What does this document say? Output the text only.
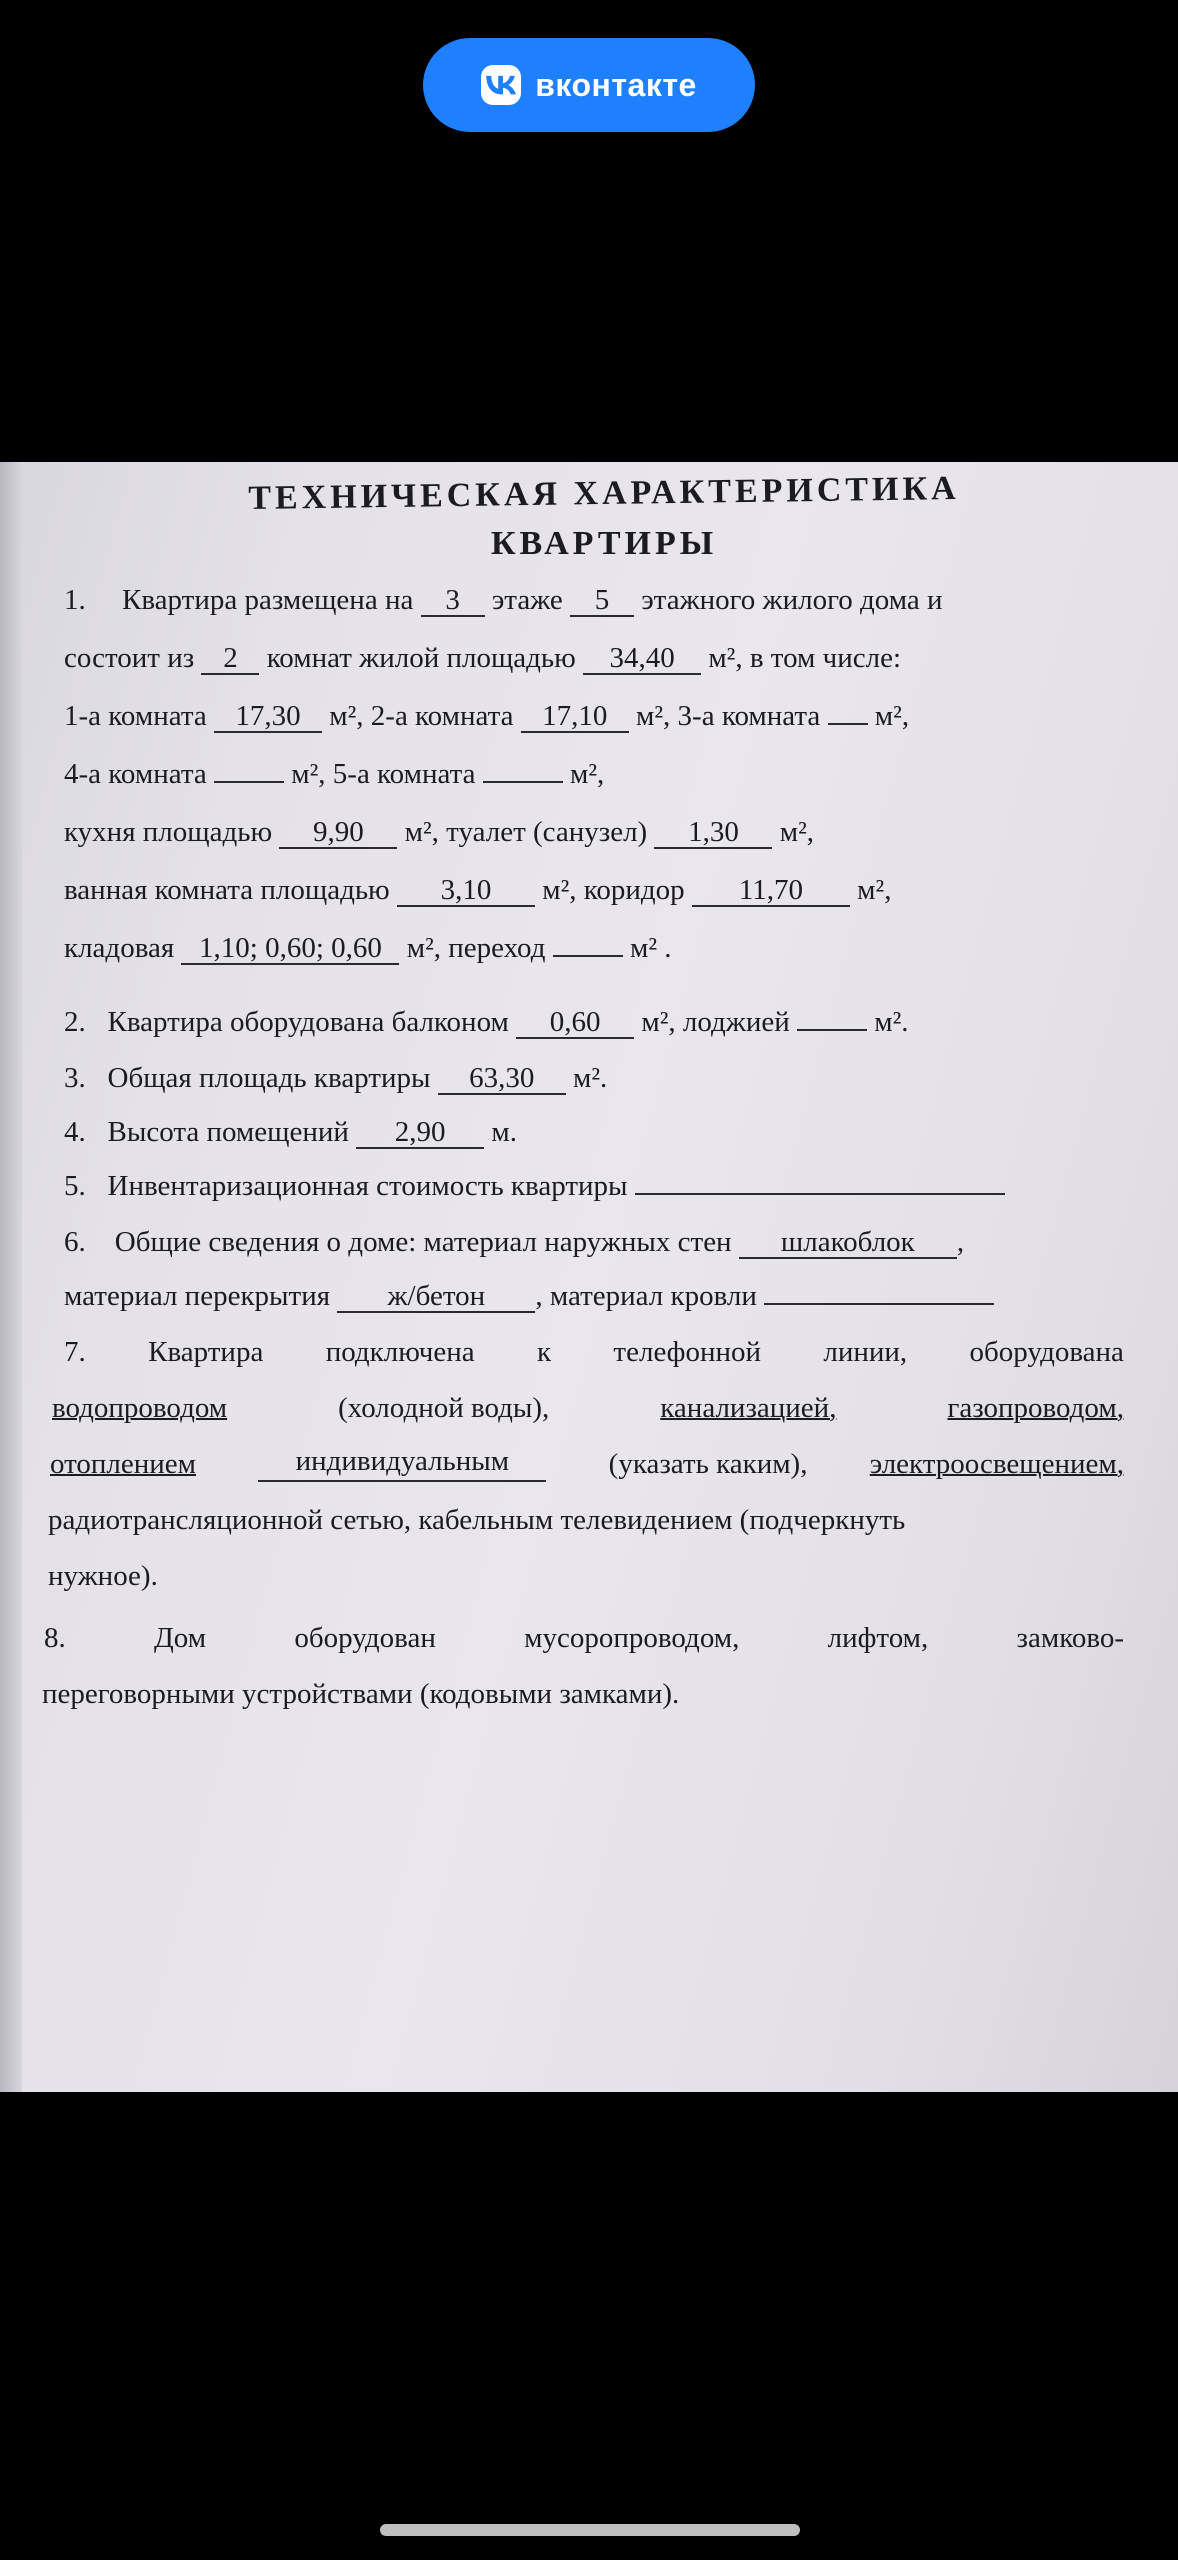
вконтакте

ТЕХНИЧЕСКАЯ ХАРАКТЕРИСТИКА

КВАРТИРЫ

1. Квартира размещена на 3 этаже 5 этажного жилого дома и
состоит из 2 комнат жилой площадью 34,40 м², в том числе:
1-а комната 17,30 м², 2-а комната 17,10 м², 3-а комната м²,
4-а комната	м², 5-а комната	м²,
кухня площадью 9,90 м², туалет (санузел) 1,30 м²,
ванная комната площадью 3,10 м², коридор 11,70 м²,
кладовая 1,10; 0,60; 0,60 м², переход	м² .
2. Квартира оборудована балконом 0,60 м², лоджией	м².
3. Общая площадь квартиры 63,30 м².
4. Высота помещений 2,90 м.
5. Инвентаризационная стоимость квартиры
6. Общие сведения о доме: материал наружных стен шлакоблок ,
материал перекрытия ж/бетон , материал кровли
7. Квартира подключена к телефонной линии, оборудована
водопроводом	(холодной воды),	канализацией,	газопроводом,
отоплением	индивидуальным	(указать каким), электроосвещением,
радиотрансляционной сетью, кабельным телевидением (подчеркнуть
нужное).
8.	Дом	оборудован	мусоропроводом,	лифтом,	замково-
переговорными устройствами (кодовыми замками).
